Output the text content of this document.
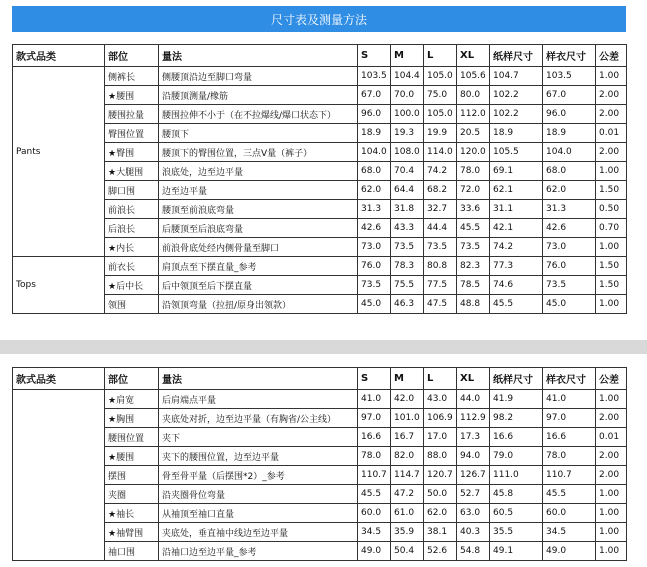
尺寸表及测量方法
款式品类	部位	量法	S	M	L	XL	纸样尺寸	样衣尺寸	公差
	侧裤长	侧腰顶沿边至脚口弯量	103.5	104.4	105.0	105.6	104.7	103.5	1.00
	★腰围	沿腰顶测量/橡筋	67.0	70.0	75.0	80.0	102.2	67.0	2.00
	腰围拉量	腰围拉伸不小于（在不拉爆线/爆口状态下）	96.0	100.0	105.0	112.0	102.2	96.0	2.00
	臀围位置	腰顶下	18.9	19.3	19.9	20.5	18.9	18.9	0.01
Pants	★臀围	腰顶下的臀围位置，三点V量（裤子）	104.0	108.0	114.0	120.0	105.5	104.0	2.00
	★大腿围	浪底处，边至边平量	68.0	70.4	74.2	78.0	69.1	68.0	1.00
	脚口围	边至边平量	62.0	64.4	68.2	72.0	62.1	62.0	1.50
	前浪长	腰顶至前浪底弯量	31.3	31.8	32.7	33.6	31.1	31.3	0.50
	后浪长	后腰顶至后浪底弯量	42.6	43.3	44.4	45.5	42.1	42.6	0.70
	★内长	前浪骨底处经内侧骨量至脚口	73.0	73.5	73.5	73.5	74.2	73.0	1.00
	前衣长	肩顶点至下摆直量_参考	76.0	78.3	80.8	82.3	77.3	76.0	1.50
Tops	★后中长	后中领顶至后下摆直量	73.5	75.5	77.5	78.5	74.6	73.5	1.50
	领围	沿领顶弯量（拉扭/原身出领款）	45.0	46.3	47.5	48.8	45.5	45.0	1.00
款式品类	部位	量法	S	M	L	XL	纸样尺寸	样衣尺寸	公差
	★肩宽	后肩端点平量	41.0	42.0	43.0	44.0	41.9	41.0	1.00
	★胸围	夹底处对折，边至边平量（有胸省/公主线）	97.0	101.0	106.9	112.9	98.2	97.0	2.00
	腰围位置	夹下	16.6	16.7	17.0	17.3	16.6	16.6	0.01
	★腰围	夹下的腰围位置，边至边平量	78.0	82.0	88.0	94.0	79.0	78.0	2.00
	摆围	骨至骨平量（后摆围*2）_参考	110.7	114.7	120.7	126.7	111.0	110.7	2.00
	夹圈	沿夹圈骨位弯量	45.5	47.2	50.0	52.7	45.8	45.5	1.00
	★袖长	从袖顶至袖口直量	60.0	61.0	62.0	63.0	60.5	60.0	1.00
	★袖臂围	夹底处，垂直袖中线边至边平量	34.5	35.9	38.1	40.3	35.5	34.5	1.00
	袖口围	沿袖口边至边平量_参考	49.0	50.4	52.6	54.8	49.1	49.0	1.00
